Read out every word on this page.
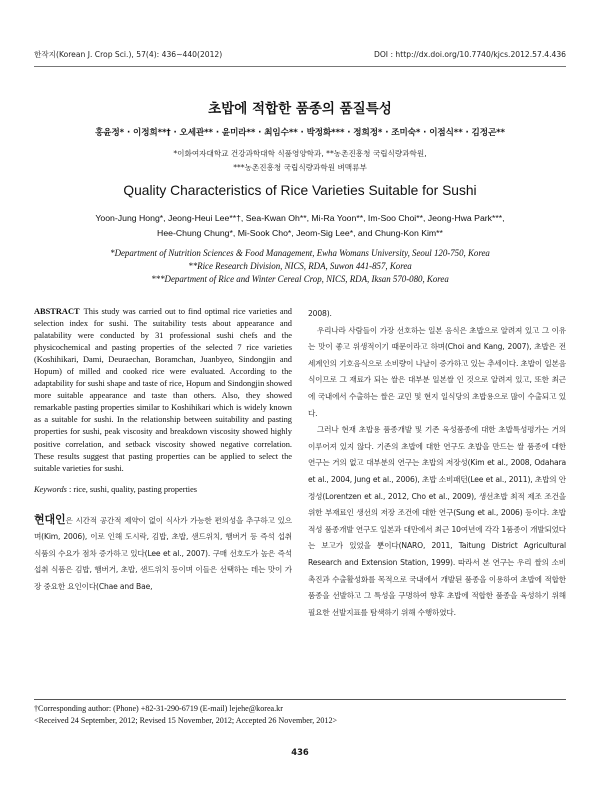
한작지(Korean J. Crop Sci.), 57(4): 436~440(2012)	DOI : http://dx.doi.org/10.7740/kjcs.2012.57.4.436
초밥에 적합한 품종의 품질특성
홍윤정* · 이정희**† · 오세관** · 윤미라** · 최임수** · 박정화*** · 정희정* · 조미숙* · 이점식** · 김정곤**
*이화여자대학교 건강과학대학 식품영양학과, **농촌진흥청 국립식량과학원,
***농촌진흥청 국립식량과학원 벼맥류부
Quality Characteristics of Rice Varieties Suitable for Sushi
Yoon-Jung Hong*, Jeong-Heui Lee**†, Sea-Kwan Oh**, Mi-Ra Yoon**, Im-Soo Choi**, Jeong-Hwa Park***,
Hee-Chung Chung*, Mi-Sook Cho*, Jeom-Sig Lee*, and Chung-Kon Kim**
*Department of Nutrition Sciences & Food Management, Ewha Womans University, Seoul 120-750, Korea
**Rice Research Division, NICS, RDA, Suwon 441-857, Korea
***Department of Rice and Winter Cereal Crop, NICS, RDA, Iksan 570-080, Korea

ABSTRACT This study was carried out to find optimal rice varieties and selection index for sushi. The suitability tests about appearance and palatability were conducted by 31 professional sushi chefs and the physicochemical and pasting properties of the selected 7 rice varieties (Koshihikari, Dami, Deuraechan, Boramchan, Juanbyeo, Sindongjin and Hopum) of milled and cooked rice were evaluated. According to the adaptability for sushi shape and taste of rice, Hopum and Sindongjin showed more suitable appearance and taste than others. Also, they showed remarkable pasting properties similar to Koshihikari which is widely known as a suitable for sushi. In the relationship between suitability and pasting properties for sushi, peak viscosity and breakdown viscosity showed highly positive correlation, and setback viscosity showed negative correlation. These results suggest that pasting properties can be applied to select the suitable varieties for sushi.

Keywords : rice, sushi, quality, pasting properties

현대인은 시간적 공간적 제약이 없이 식사가 가능한 편의성을 추구하고 있으며(Kim, 2006), 이로 인해 도시락, 김밥, 초밥, 샌드위치, 햄버거 등 즉석 섭취 식품의 수요가 점차 증가하고 있다(Lee et al., 2007). 구매 선호도가 높은 즉석 섭취 식품은 김밥, 햄버거, 초밥, 샌드위치 등이며 이들은 선택하는 데는 맛이 가장 중요한 요인이다(Chae and Bae,

2008).

우리나라 사람들이 가장 선호하는 일본 음식은 초밥으로 알려져 있고 그 이유는 맛이 좋고 위생적이기 때문이라고 하며(Choi and Kang, 2007), 초밥은 전 세계인의 기호음식으로 소비량이 나날이 증가하고 있는 추세이다. 초밥이 일본음식이므로 그 재료가 되는 쌀은 대부분 일본쌀 인 것으로 알려져 있고, 또한 최근에 국내에서 수출하는 쌀은 교민 및 현지 일식당의 초밥용으로 많이 수출되고 있다.

그러나 현재 초밥용 품종개발 및 기존 육성품종에 대한 초밥특성평가는 거의 이루어져 있지 않다. 기존의 초밥에 대한 연구도 초밥을 만드는 쌀 품종에 대한 연구는 거의 없고 대부분의 연구는 초밥의 저장성(Kim et al., 2008, Odahara et al., 2004, Jung et al., 2006), 초밥 소비패턴(Lee et al., 2011), 초밥의 안정성(Lorentzen et al., 2012, Cho et al., 2009), 생선초밥 최적 제조 조건을 위한 부재료인 생선의 저장 조건에 대한 연구(Sung et al., 2006) 등이다. 초밥 적성 품종개발 연구도 일본과 대만에서 최근 10여년에 각각 1품종이 개발되었다는 보고가 있었을 뿐이다(NARO, 2011, Taitung District Agricultural Research and Extension Station, 1999). 따라서 본 연구는 우리 쌀의 소비촉진과 수출활성화를 목적으로 국내에서 개발된 품종을 이용하여 초밥에 적합한 품종을 선발하고 그 특성을 구명하여 향후 초밥에 적합한 품종을 육성하기 위해 필요한 선발지표를 탐색하기 위해 수행하였다.

†Corresponding author: (Phone) +82-31-290-6719 (E-mail) lejehe@korea.kr
<Received 24 September, 2012; Revised 15 November, 2012; Accepted 26 November, 2012>
436
